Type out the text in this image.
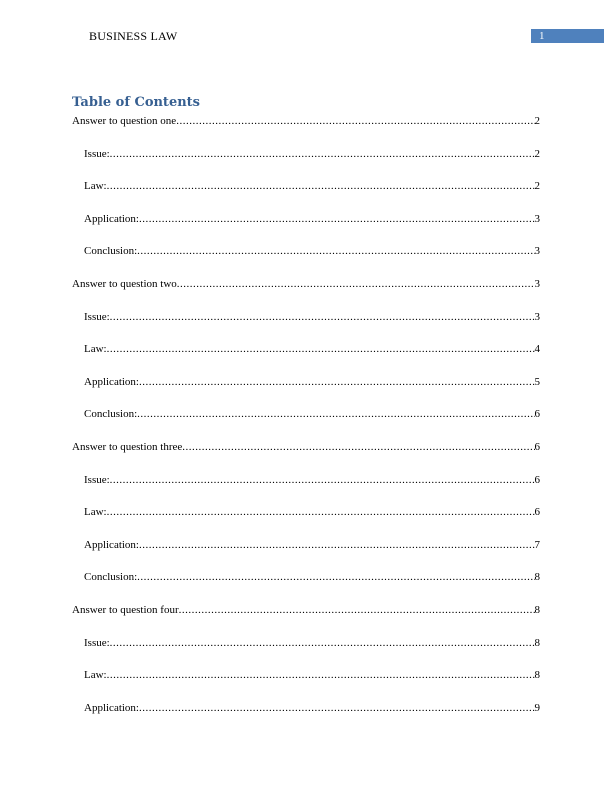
BUSINESS LAW	1
Table of Contents
Answer to question one .....	2
Issue: .....	2
Law: .....	2
Application: .....	3
Conclusion: .....	3
Answer to question two .....	3
Issue: .....	3
Law: .....	4
Application: .....	5
Conclusion: .....	6
Answer to question three .....	6
Issue: .....	6
Law: .....	6
Application: .....	7
Conclusion: .....	8
Answer to question four .....	8
Issue: .....	8
Law: .....	8
Application: .....	9
